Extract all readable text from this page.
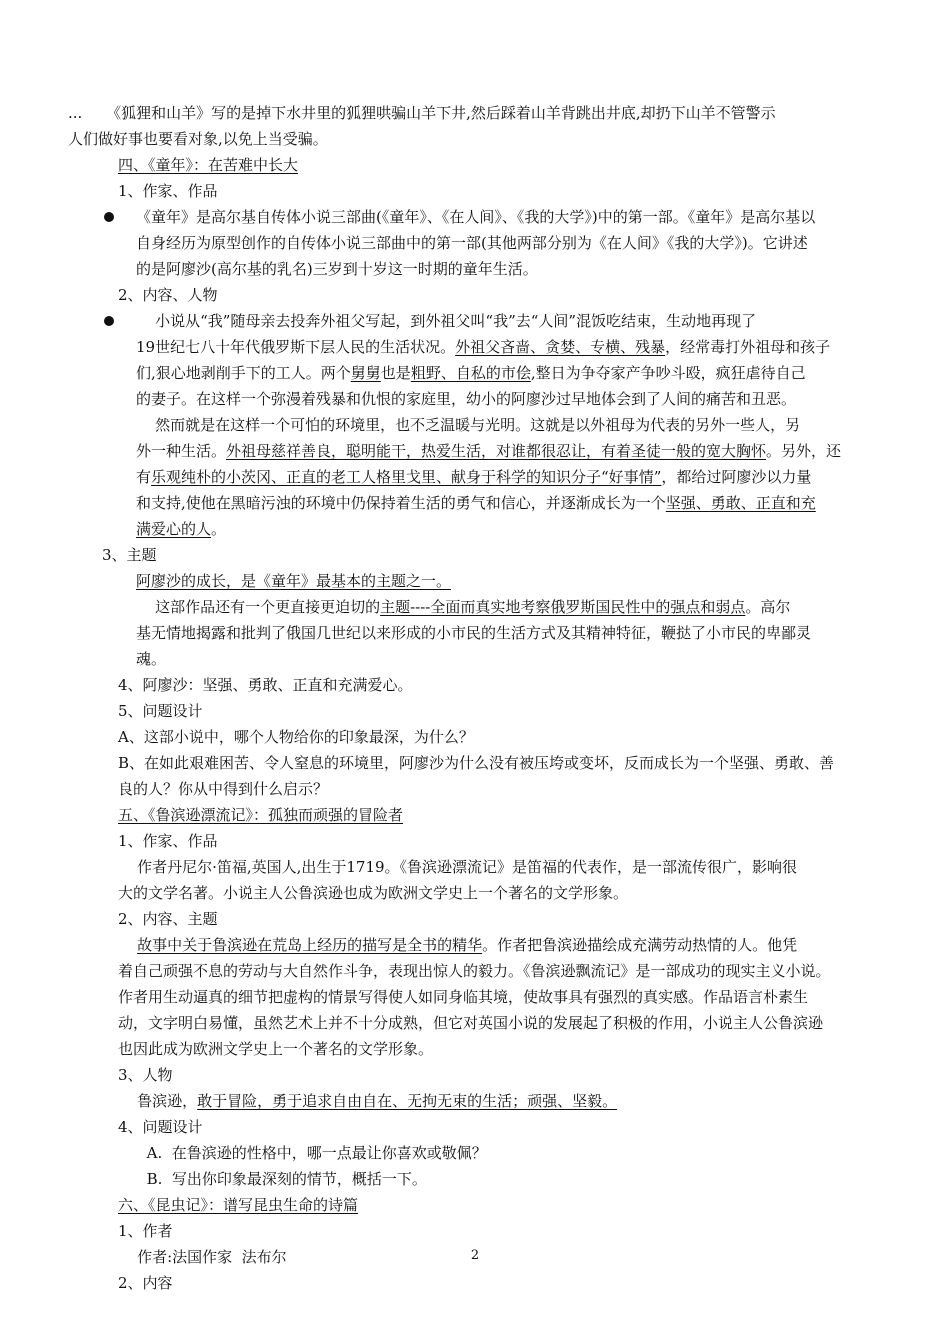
...     《狐狸和山羊》写的是掉下水井里的狐狸哄骗山羊下井,然后踩着山羊背跳出井底,却扔下山羊不管警示
人们做好事也要看对象,以免上当受骗。
四、《童年》：在苦难中长大
1、作家、作品
《童年》是高尔基自传体小说三部曲(《童年》、《在人间》、《我的大学》)中的第一部。《童年》是高尔基以
自身经历为原型创作的自传体小说三部曲中的第一部(其他两部分别为《在人间》《我的大学》)。它讲述
的是阿廖沙(高尔基的乳名)三岁到十岁这一时期的童年生活。
2、内容、人物
小说从“我”随母亲去投奔外祖父写起，到外祖父叫“我”去“人间”混饭吃结束，生动地再现了
19世纪七八十年代俄罗斯下层人民的生活状况。外祖父吝啬、贪婪、专横、残暴，经常毒打外祖母和孩子
们,狠心地剥削手下的工人。两个舅舅也是粗野、自私的市侩,整日为争夺家产争吵斗殴，疯狂虐待自己
的妻子。在这样一个弥漫着残暴和仇恨的家庭里，幼小的阿廖沙过早地体会到了人间的痛苦和丑恶。
然而就是在这样一个可怕的环境里，也不乏温暖与光明。这就是以外祖母为代表的另外一些人，另
外一种生活。外祖母慈祥善良，聪明能干，热爱生活，对谁都很忍让，有着圣徒一般的宽大胸怀。另外，还
有乐观纯朴的小茨冈、正直的老工人格里戈里、献身于科学的知识分子“好事情”，都给过阿廖沙以力量
和支持,使他在黑暗污浊的环境中仍保持着生活的勇气和信心，并逐渐成长为一个坚强、勇敢、正直和充
满爱心的人。
3、主题
阿廖沙的成长，是《童年》最基本的主题之一。
这部作品还有一个更直接更迫切的主题----全面而真实地考察俄罗斯国民性中的强点和弱点。高尔
基无情地揭露和批判了俄国几世纪以来形成的小市民的生活方式及其精神特征，鞭挞了小市民的卑鄙灵
魂。
4、阿廖沙：坚强、勇敢、正直和充满爱心。
5、问题设计
A、这部小说中，哪个人物给你的印象最深，为什么？
B、在如此艰难困苦、令人窒息的环境里，阿廖沙为什么没有被压垮或变坏，反而成长为一个坚强、勇敢、善
良的人？你从中得到什么启示？
五、《鲁滨逊漂流记》：孤独而顽强的冒险者
1、作家、作品
作者丹尼尔·笛福,英国人,出生于1719。《鲁滨逊漂流记》是笛福的代表作，是一部流传很广，影响很
大的文学名著。小说主人公鲁滨逊也成为欧洲文学史上一个著名的文学形象。
2、内容、主题
故事中关于鲁滨逊在荒岛上经历的描写是全书的精华。作者把鲁滨逊描绘成充满劳动热情的人。他凭
着自己顽强不息的劳动与大自然作斗争，表现出惊人的毅力。《鲁滨逊飘流记》是一部成功的现实主义小说。
作者用生动逼真的细节把虚构的情景写得使人如同身临其境，使故事具有强烈的真实感。作品语言朴素生
动，文字明白易懂，虽然艺术上并不十分成熟，但它对英国小说的发展起了积极的作用，小说主人公鲁滨逊
也因此成为欧洲文学史上一个著名的文学形象。
3、人物
鲁滨逊，敢于冒险，勇于追求自由自在、无拘无束的生活；顽强、坚毅。
4、问题设计
A.  在鲁滨逊的性格中，哪一点最让你喜欢或敬佩？
B.  写出你印象最深刻的情节，概括一下。
六、《昆虫记》：谱写昆虫生命的诗篇
1、作者
作者:法国作家  法布尔
2、内容
2
